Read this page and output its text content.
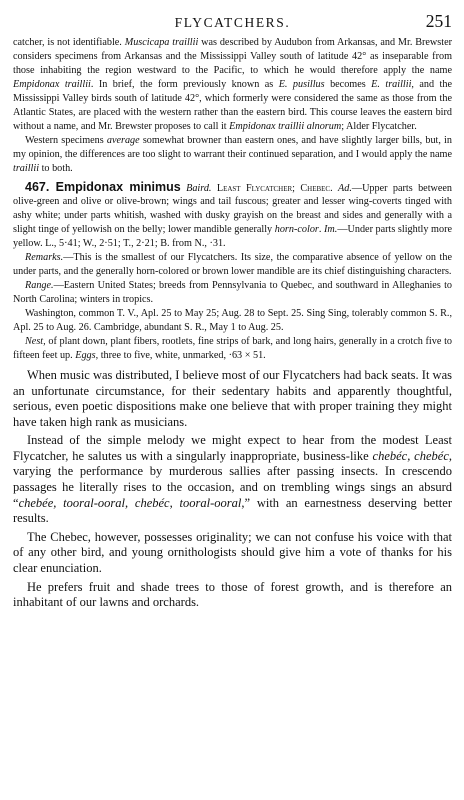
FLYCATCHERS.	251

catcher, is not identifiable. Muscicapa traillii was described by Audubon from Arkansas, and Mr. Brewster considers specimens from Arkansas and the Mississippi Valley south of latitude 42° as inseparable from those inhabiting the region westward to the Pacific, to which he would therefore apply the name Empidonax traillii. In brief, the form previously known as E. pusillus becomes E. traillii, and the Mississippi Valley birds south of latitude 42°, which formerly were considered the same as those from the Atlantic States, are placed with the western rather than the eastern bird. This course leaves the eastern bird without a name, and Mr. Brewster proposes to call it Empidonax traillii alnorum; Alder Flycatcher.

Western specimens average somewhat browner than eastern ones, and have slightly larger bills, but, in my opinion, the differences are too slight to warrant their continued separation, and I would apply the name traillii to both.

467. Empidonax minimus Baird. Least Flycatcher; Chebec. Ad.—Upper parts between olive-green and olive or olive-brown; wings and tail fuscous; greater and lesser wing-coverts tinged with ashy white; under parts whitish, washed with dusky grayish on the breast and sides and generally with a slight tinge of yellowish on the belly; lower mandible generally horn-color. Im.—Under parts slightly more yellow. L., 5·41; W., 2·51; T., 2·21; B. from N., ·31.

Remarks.—This is the smallest of our Flycatchers. Its size, the comparative absence of yellow on the under parts, and the generally horn-colored or brown lower mandible are its chief distinguishing characters.

Range.—Eastern United States; breeds from Pennsylvania to Quebec, and southward in Alleghanies to North Carolina; winters in tropics.

Washington, common T. V., Apl. 25 to May 25; Aug. 28 to Sept. 25. Sing Sing, tolerably common S. R., Apl. 25 to Aug. 26. Cambridge, abundant S. R., May 1 to Aug. 25.

Nest, of plant down, plant fibers, rootlets, fine strips of bark, and long hairs, generally in a crotch five to fifteen feet up. Eggs, three to five, white, unmarked, ·63 × 51.

When music was distributed, I believe most of our Flycatchers had back seats. It was an unfortunate circumstance, for their sedentary habits and apparently thoughtful, serious, even poetic dispositions make one believe that with proper training they might have taken high rank as musicians.

Instead of the simple melody we might expect to hear from the modest Least Flycatcher, he salutes us with a singularly inappropriate, business-like chebéc, chebéc, varying the performance by murderous sallies after passing insects. In crescendo passages he literally rises to the occasion, and on trembling wings sings an absurd “chebée, tooral-ooral, chebéc, tooral-ooral,” with an earnestness deserving better results.

The Chebec, however, possesses originality; we can not confuse his voice with that of any other bird, and young ornithologists should give him a vote of thanks for his clear enunciation.

He prefers fruit and shade trees to those of forest growth, and is therefore an inhabitant of our lawns and orchards.
